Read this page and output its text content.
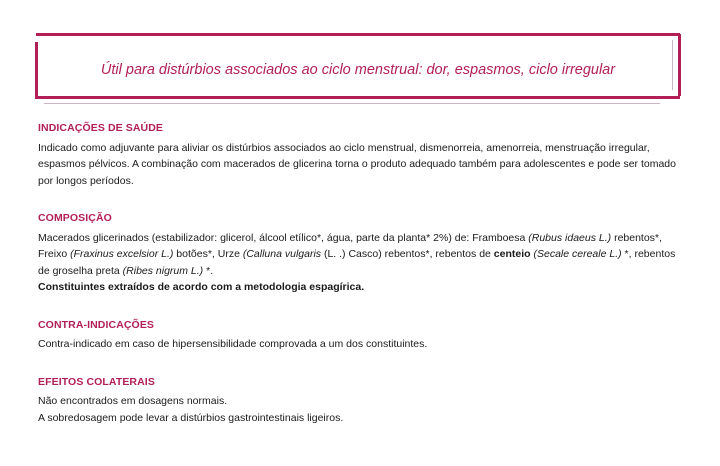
Útil para distúrbios associados ao ciclo menstrual: dor, espasmos, ciclo irregular
INDICAÇÕES DE SAÚDE

Indicado como adjuvante para aliviar os distúrbios associados ao ciclo menstrual, dismenorreia, amenorreia, menstruação irregular, espasmos pélvicos. A combinação com macerados de glicerina torna o produto adequado também para adolescentes e pode ser tomado por longos períodos.

COMPOSIÇÃO

Macerados glicerinados (estabilizador: glicerol, álcool etílico*, água, parte da planta* 2%) de: Framboesa (Rubus idaeus L.) rebentos*, Freixo (Fraxinus excelsior L.) botões*, Urze (Calluna vulgaris (L. .) Casco) rebentos*, rebentos de centeio (Secale cereale L.) *, rebentos de groselha preta (Ribes nigrum L.) *.

Constituintes extraídos de acordo com a metodologia espagírica.

CONTRA-INDICAÇÕES

Contra-indicado em caso de hipersensibilidade comprovada a um dos constituintes.

EFEITOS COLATERAIS

Não encontrados em dosagens normais.

A sobredosagem pode levar a distúrbios gastrointestinais ligeiros.
